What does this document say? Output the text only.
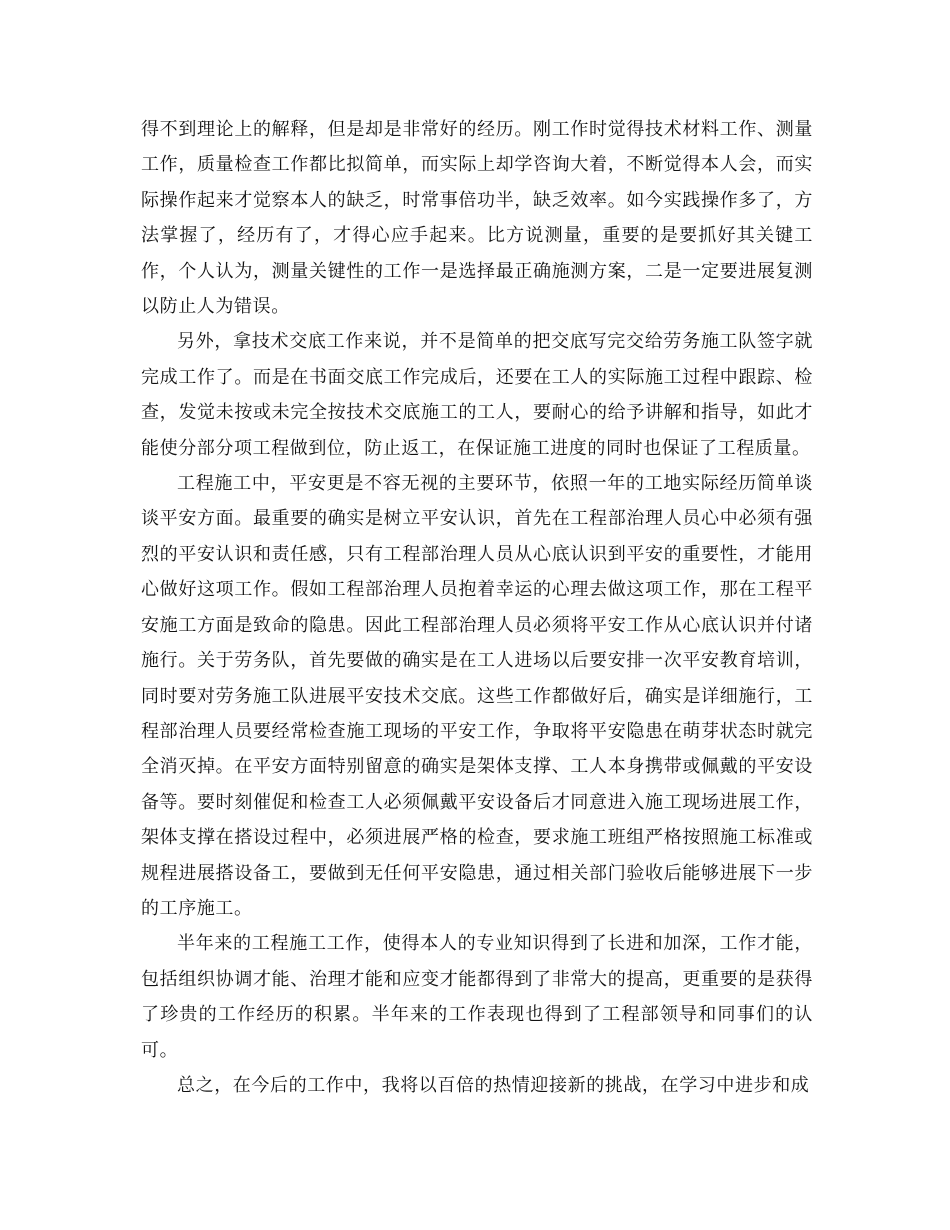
得不到理论上的解释，但是却是非常好的经历。刚工作时觉得技术材料工作、测量工作，质量检查工作都比拟简单，而实际上却学咨询大着，不断觉得本人会，而实际操作起来才觉察本人的缺乏，时常事倍功半，缺乏效率。如今实践操作多了，方法掌握了，经历有了，才得心应手起来。比方说测量，重要的是要抓好其关键工作，个人认为，测量关键性的工作一是选择最正确施测方案，二是一定要进展复测以防止人为错误。

另外，拿技术交底工作来说，并不是简单的把交底写完交给劳务施工队签字就完成工作了。而是在书面交底工作完成后，还要在工人的实际施工过程中跟踪、检查，发觉未按或未完全按技术交底施工的工人，要耐心的给予讲解和指导，如此才能使分部分项工程做到位，防止返工，在保证施工进度的同时也保证了工程质量。

工程施工中，平安更是不容无视的主要环节，依照一年的工地实际经历简单谈谈平安方面。最重要的确实是树立平安认识，首先在工程部治理人员心中必须有强烈的平安认识和责任感，只有工程部治理人员从心底认识到平安的重要性，才能用心做好这项工作。假如工程部治理人员抱着幸运的心理去做这项工作，那在工程平安施工方面是致命的隐患。因此工程部治理人员必须将平安工作从心底认识并付诸施行。关于劳务队，首先要做的确实是在工人进场以后要安排一次平安教育培训，同时要对劳务施工队进展平安技术交底。这些工作都做好后，确实是详细施行，工程部治理人员要经常检查施工现场的平安工作，争取将平安隐患在萌芽状态时就完全消灭掉。在平安方面特别留意的确实是架体支撑、工人本身携带或佩戴的平安设备等。要时刻催促和检查工人必须佩戴平安设备后才同意进入施工现场进展工作，架体支撑在搭设过程中，必须进展严格的检查，要求施工班组严格按照施工标准或规程进展搭设备工，要做到无任何平安隐患，通过相关部门验收后能够进展下一步的工序施工。

半年来的工程施工工作，使得本人的专业知识得到了长进和加深，工作才能，包括组织协调才能、治理才能和应变才能都得到了非常大的提高，更重要的是获得了珍贵的工作经历的积累。半年来的工作表现也得到了工程部领导和同事们的认可。

总之，在今后的工作中，我将以百倍的热情迎接新的挑战，在学习中进步和成
